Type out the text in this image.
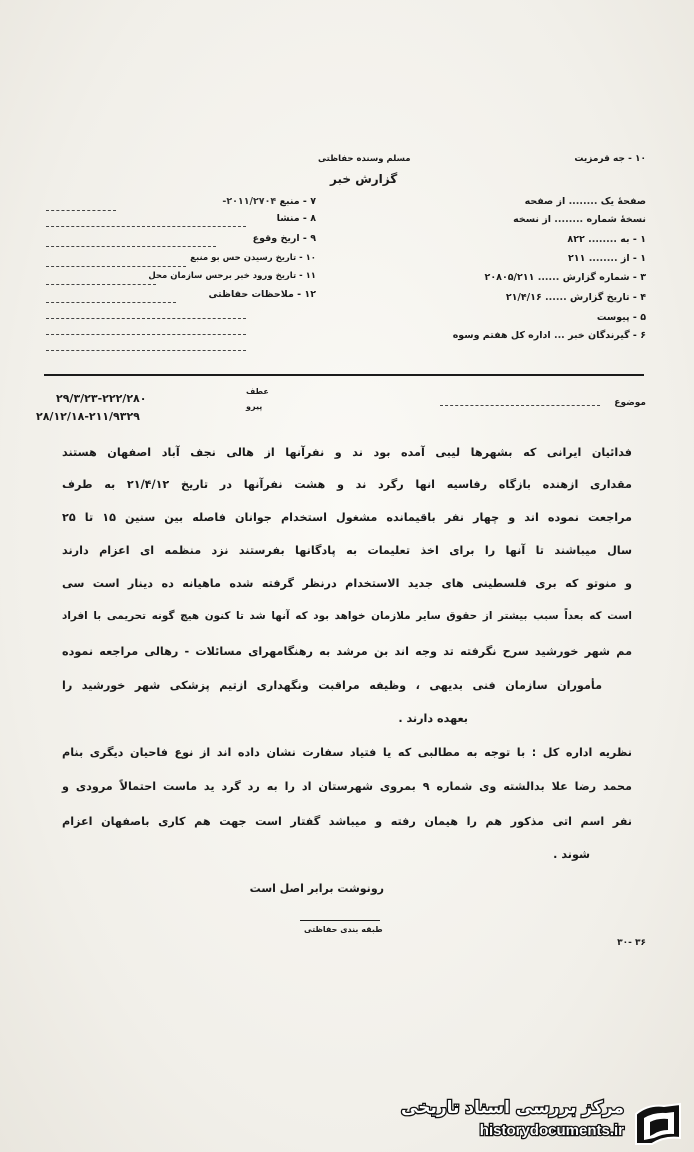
۱۰ - جه قرمزیت
مسلم وسنده حفاظتی
گزارش خبر
۷ - منبع ۲۰۱۱/۲۷۰۴-
۸ - منشا
۹ - اریخ وقوع
۱۰ - تاریخ رسیدن حس بو منبع
۱۱ - تاریخ ورود خبر برحس سازمان محل
۱۲ - ملاحظات حفاظتی
صفحهٔ یک ........ از صفحه
نسخهٔ شماره ........ از نسخه
۱ - به ........ ۸۲۲
۱ - از ........ ۲۱۱
۳ - شماره گزارش ...... ۲۰۸۰۵/۲۱۱
۴ - تاریخ گزارش ...... ۲۱/۴/۱۶
۵ - پیوست
۶ - گیرندگان خبر ... اداره کل هفتم وسوه
موضوع
عطف
پیرو
۲۹/۳/۲۳-۲۲۲/۲۸۰
۲۸/۱۲/۱۸-۲۱۱/۹۳۲۹
فدائیان ایرانی که بشهرها لیبی آمده بود ند و نفرآنها از هالی نجف آباد اصفهان هستند
مقداری ازهنده بازگاه رفاسیه انها رگرد ند و هشت نفرآنها در تاریخ ۲۱/۴/۱۲ به طرف
مراجعت نموده اند و چهار نفر باقیمانده مشغول استخدام جوانان فاصله بین سنین ۱۵ تا ۲۵
سال میباشند تا آنها را برای اخذ تعلیمات به پادگانها بفرستند نزد منظمه ای اعزام دارند
و منوتو که بری فلسطینی های جدید الاستخدام درنظر گرفته شده ماهیانه ده دینار است سی
است که بعداً سبب بیشتر از حقوق سایر ملازمان خواهد بود که آنها شد تا کنون هیچ گونه تحریمی با افراد
مم شهر خورشید سرح نگرفته تد وجه اند بن مرشد به رهنگامهرای مسائلات - رهالی مراجعه نموده
مأموران سازمان فنی بدیهی ، وظیفه مراقبت ونگهداری ازتیم پزشکی شهر خورشید را
بعهده دارند .
نظریه اداره کل : با توجه به مطالبی که یا فتیاد سفارت نشان داده اند از نوع فاحیان دیگری بنام
محمد رضا علا بدالشته وی شماره ۹ بمروی شهرستان اد را به رد گرد ید ماست احتمالاً مرودی و
نفر اسم اتی مذکور هم را هیمان رفته و میباشد گفتار است جهت هم کاری باصفهان اعزام
شوند .
رونوشت برابر اصل است
طبقه بندی حفاظتی
۳۰- ۳۶
مرکز بررسی اسناد تاریخی
historydocuments.ir
